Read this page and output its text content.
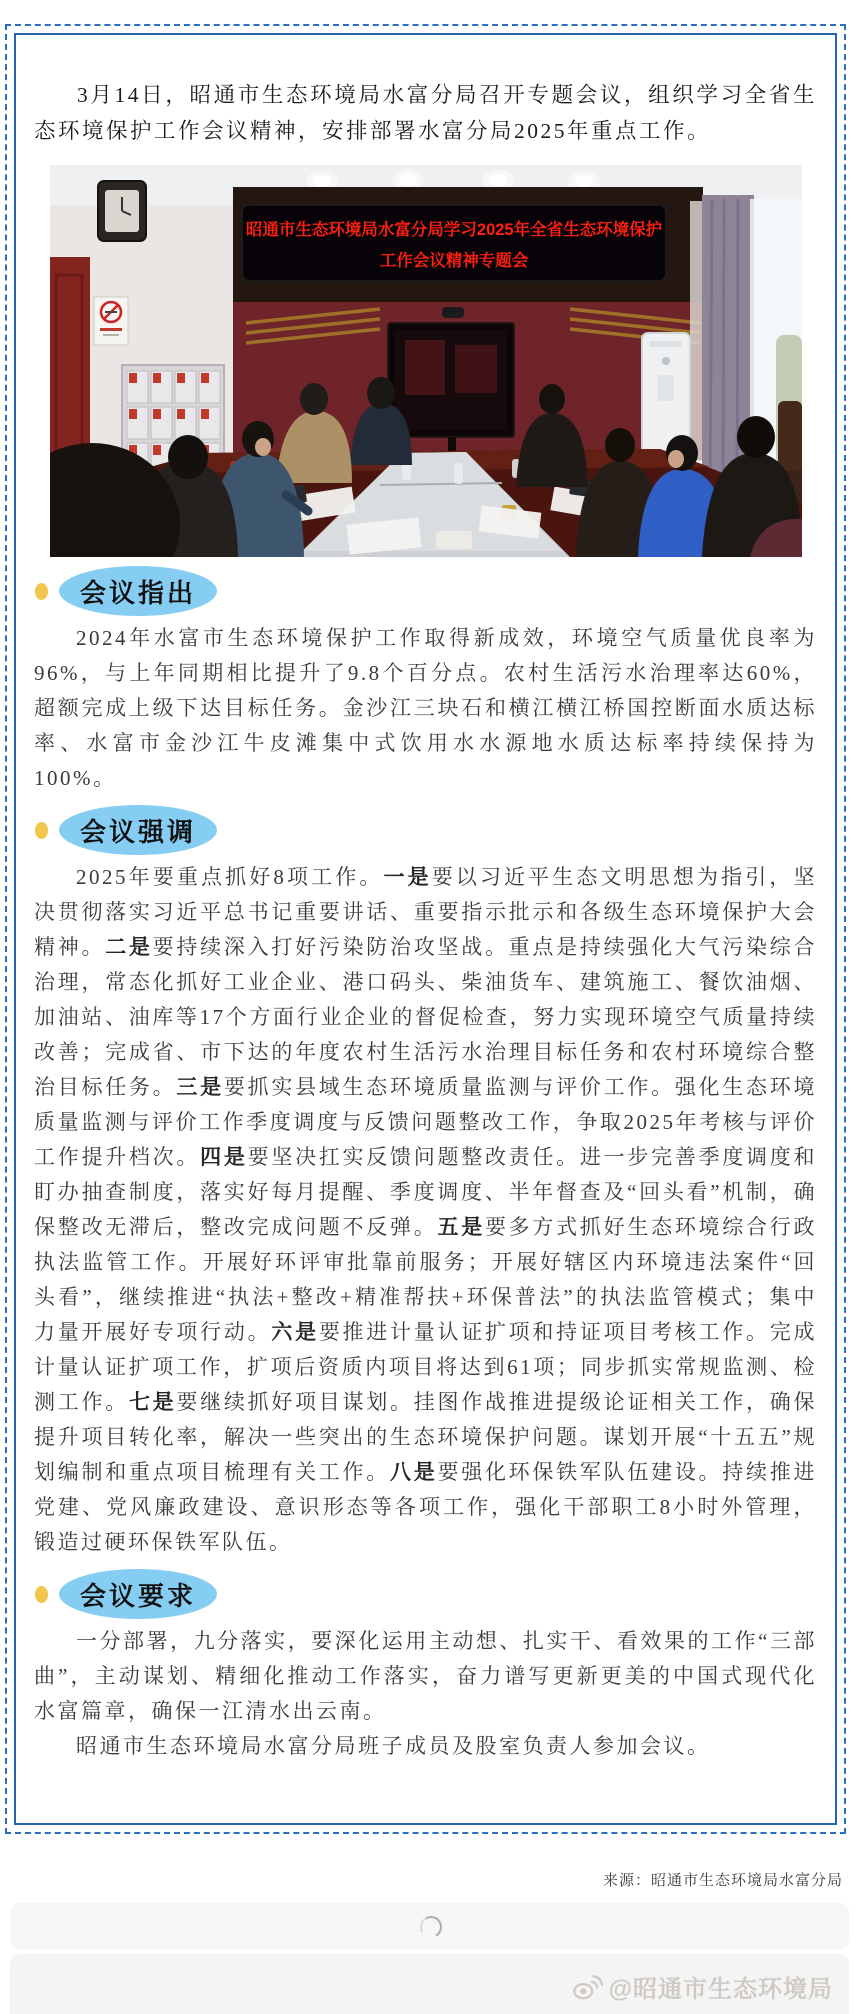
3月14日，昭通市生态环境局水富分局召开专题会议，组织学习全省生态环境保护工作会议精神，安排部署水富分局2025年重点工作。

昭通市生态环境局水富分局学习2025年全省生态环境保护
工作会议精神专题会
会议指出

2024年水富市生态环境保护工作取得新成效，环境空气质量优良率为96%，与上年同期相比提升了9.8个百分点。农村生活污水治理率达60%，超额完成上级下达目标任务。金沙江三块石和横江横江桥国控断面水质达标率、水富市金沙江牛皮滩集中式饮用水水源地水质达标率持续保持为100%。

会议强调

2025年要重点抓好8项工作。一是要以习近平生态文明思想为指引，坚决贯彻落实习近平总书记重要讲话、重要指示批示和各级生态环境保护大会精神。二是要持续深入打好污染防治攻坚战。重点是持续强化大气污染综合治理，常态化抓好工业企业、港口码头、柴油货车、建筑施工、餐饮油烟、加油站、油库等17个方面行业企业的督促检查，努力实现环境空气质量持续改善；完成省、市下达的年度农村生活污水治理目标任务和农村环境综合整治目标任务。三是要抓实县域生态环境质量监测与评价工作。强化生态环境质量监测与评价工作季度调度与反馈问题整改工作，争取2025年考核与评价工作提升档次。四是要坚决扛实反馈问题整改责任。进一步完善季度调度和盯办抽查制度，落实好每月提醒、季度调度、半年督查及“回头看”机制，确保整改无滞后，整改完成问题不反弹。五是要多方式抓好生态环境综合行政执法监管工作。开展好环评审批靠前服务；开展好辖区内环境违法案件“回头看”，继续推进“执法+整改+精准帮扶+环保普法”的执法监管模式；集中力量开展好专项行动。六是要推进计量认证扩项和持证项目考核工作。完成计量认证扩项工作，扩项后资质内项目将达到61项；同步抓实常规监测、检测工作。七是要继续抓好项目谋划。挂图作战推进提级论证相关工作，确保提升项目转化率，解决一些突出的生态环境保护问题。谋划开展“十五五”规划编制和重点项目梳理有关工作。八是要强化环保铁军队伍建设。持续推进党建、党风廉政建设、意识形态等各项工作，强化干部职工8小时外管理，锻造过硬环保铁军队伍。

会议要求

一分部署，九分落实，要深化运用主动想、扎实干、看效果的工作“三部曲”，主动谋划、精细化推动工作落实，奋力谱写更新更美的中国式现代化水富篇章，确保一江清水出云南。

昭通市生态环境局水富分局班子成员及股室负责人参加会议。

来源：昭通市生态环境局水富分局
@昭通市生态环境局
